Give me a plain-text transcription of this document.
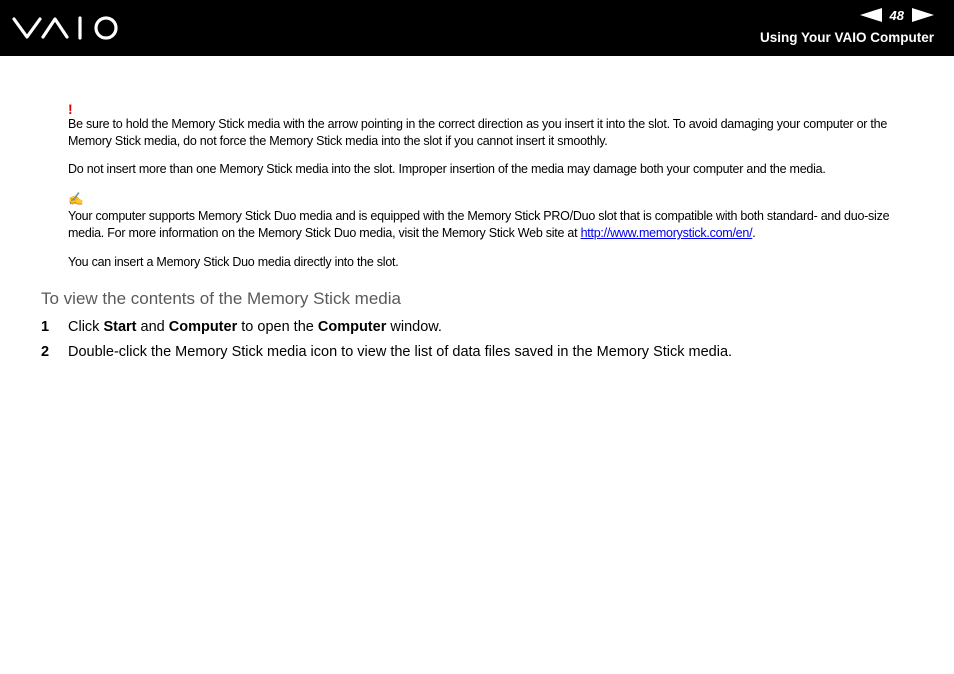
48
Using Your VAIO Computer

!

Be sure to hold the Memory Stick media with the arrow pointing in the correct direction as you insert it into the slot. To avoid damaging your computer or the Memory Stick media, do not force the Memory Stick media into the slot if you cannot insert it smoothly.

Do not insert more than one Memory Stick media into the slot. Improper insertion of the media may damage both your computer and the media.

✍

Your computer supports Memory Stick Duo media and is equipped with the Memory Stick PRO/Duo slot that is compatible with both standard- and duo-size media. For more information on the Memory Stick Duo media, visit the Memory Stick Web site at http://www.memorystick.com/en/.

You can insert a Memory Stick Duo media directly into the slot.

To view the contents of the Memory Stick media
1 Click Start and Computer to open the Computer window.
2 Double-click the Memory Stick media icon to view the list of data files saved in the Memory Stick media.
